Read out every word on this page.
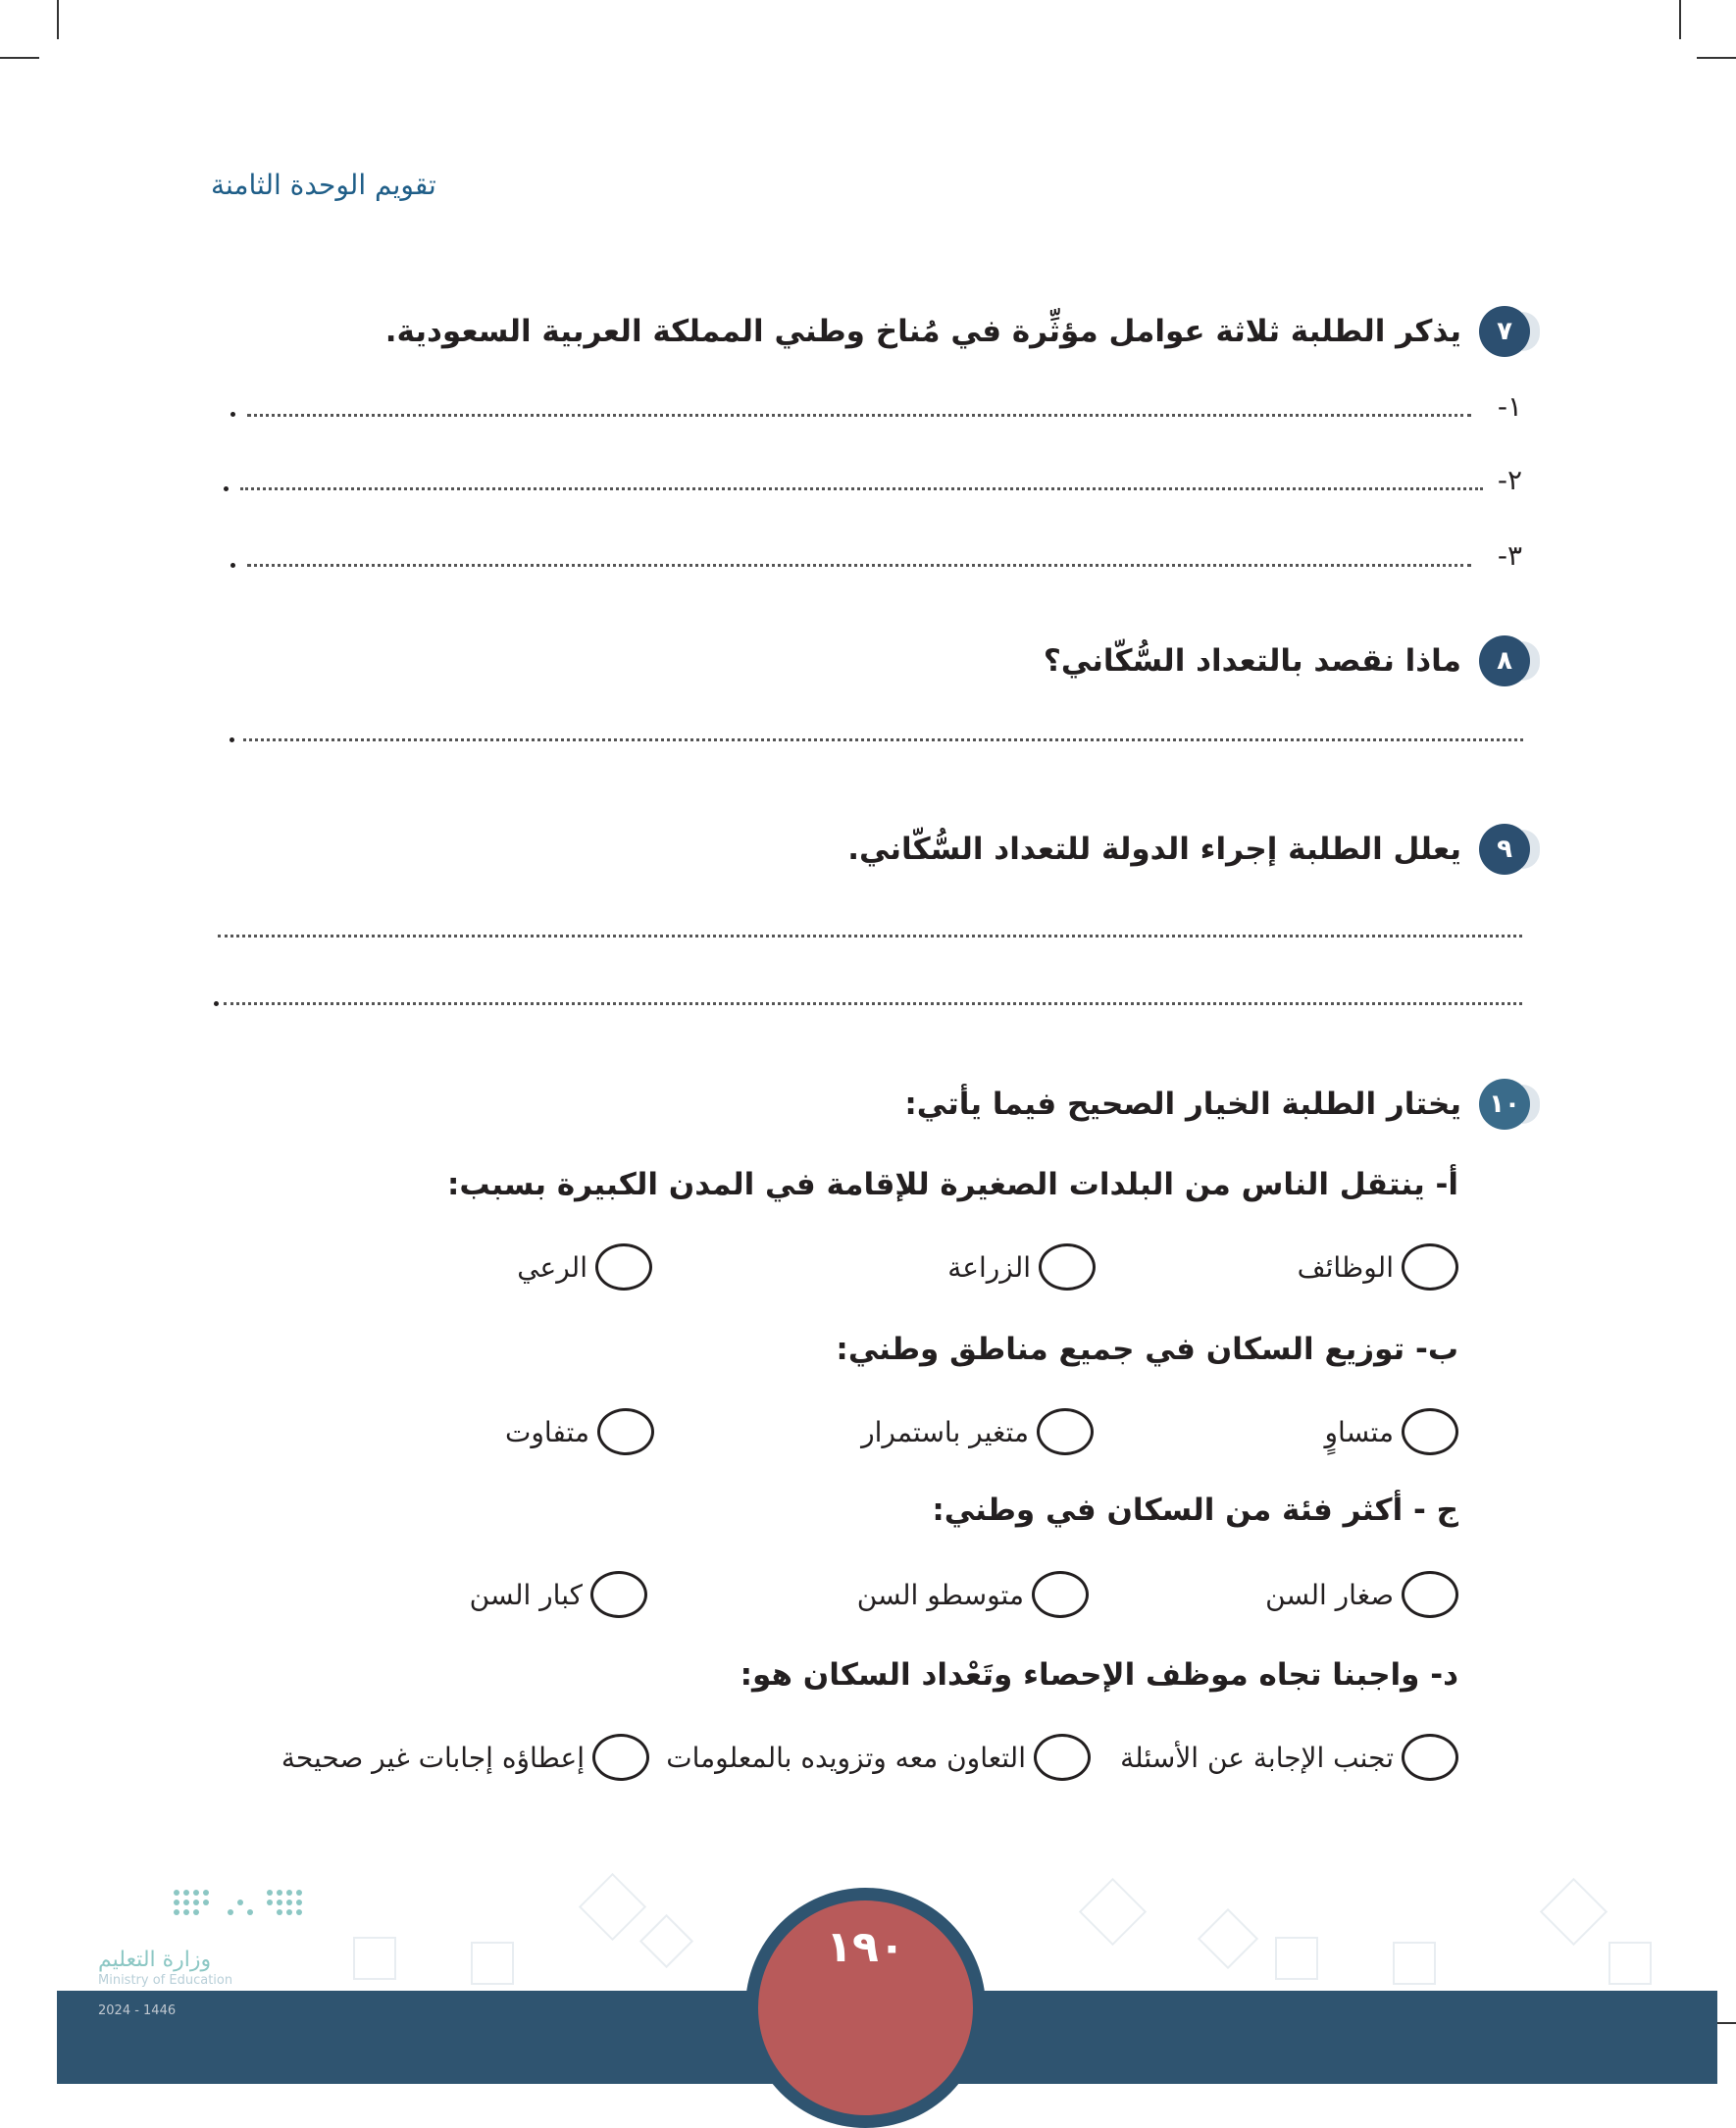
تقويم الوحدة الثامنة
٧
يذكر الطلبة ثلاثة عوامل مؤثِّرة في مُناخ وطني المملكة العربية السعودية.
١-
٢-
٣-
٨
ماذا نقصد بالتعداد السُّكّاني؟
٩
يعلل الطلبة إجراء الدولة للتعداد السُّكّاني.
١٠
يختار الطلبة الخيار الصحيح فيما يأتي:
أ- ينتقل الناس من البلدات الصغيرة للإقامة في المدن الكبيرة بسبب:
الوظائف
الزراعة
الرعي
ب- توزيع السكان في جميع مناطق وطني:
متساوٍ
متغير باستمرار
متفاوت
ج - أكثر فئة من السكان في وطني:
صغار السن
متوسطو السن
كبار السن
د- واجبنا تجاه موظف الإحصاء وتَعْداد السكان هو:
تجنب الإجابة عن الأسئلة
التعاون معه وتزويده بالمعلومات
إعطاؤه إجابات غير صحيحة
وزارة التعليم
Ministry of Education
١٩٠
2024 - 1446
